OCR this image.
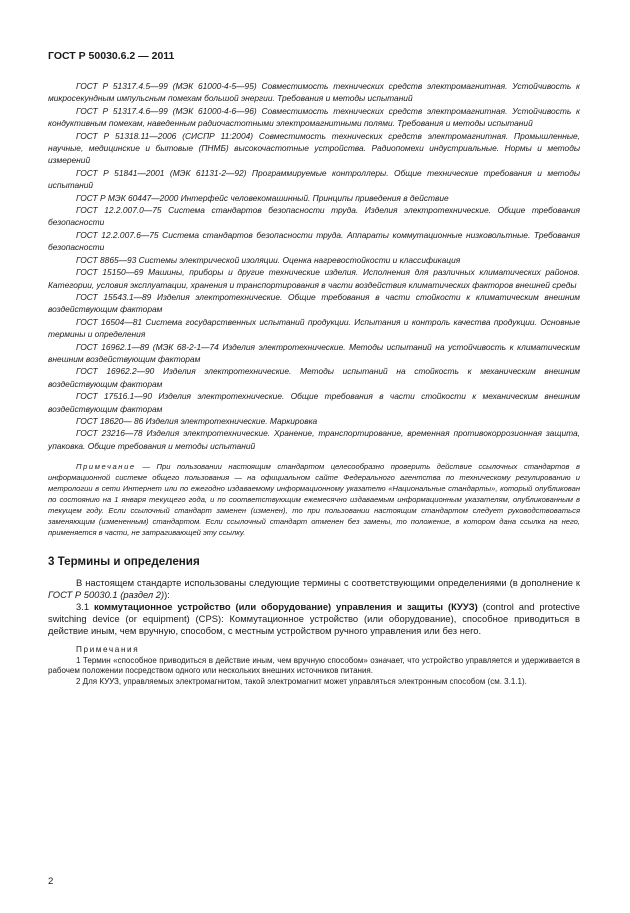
ГОСТ Р 50030.6.2 — 2011

ГОСТ Р 51317.4.5—99 (МЭК 61000-4-5—95) Совместимость технических средств электромагнитная. Устойчивость к микросекундным импульсным помехам большой энергии. Требования и методы испытаний

ГОСТ Р 51317.4.6—99 (МЭК 61000-4-6—96) Совместимость технических средств электромагнитная. Устойчивость к кондуктивным помехам, наведенным радиочастотными электромагнитными полями. Требования и методы испытаний

ГОСТ Р 51318.11—2006 (СИСПР 11:2004) Совместимость технических средств электромагнитная. Промышленные, научные, медицинские и бытовые (ПНМБ) высокочастотные устройства. Радиопомехи индустриальные. Нормы и методы измерений

ГОСТ Р 51841—2001 (МЭК 61131-2—92) Программируемые контроллеры. Общие технические требования и методы испытаний

ГОСТ Р МЭК 60447—2000 Интерфейс человекомашинный. Принципы приведения в действие

ГОСТ 12.2.007.0—75 Система стандартов безопасности труда. Изделия электротехнические. Общие требования безопасности

ГОСТ 12.2.007.6—75 Система стандартов безопасности труда. Аппараты коммутационные низковольтные. Требования безопасности

ГОСТ 8865—93 Системы электрической изоляции. Оценка нагревостойкости и классификация

ГОСТ 15150—69 Машины, приборы и другие технические изделия. Исполнения для различных климатических районов. Категории, условия эксплуатации, хранения и транспортирования в части воздействия климатических факторов внешней среды

ГОСТ 15543.1—89 Изделия электротехнические. Общие требования в части стойкости к климатическим внешним воздействующим факторам

ГОСТ 16504—81 Система государственных испытаний продукции. Испытания и контроль качества продукции. Основные термины и определения

ГОСТ 16962.1—89 (МЭК 68-2-1—74 Изделия электротехнические. Методы испытаний на устойчивость к климатическим внешним воздействующим факторам

ГОСТ 16962.2—90 Изделия электротехнические. Методы испытаний на стойкость к механическим внешним воздействующим факторам

ГОСТ 17516.1—90 Изделия электротехнические. Общие требования в части стойкости к механическим внешним воздействующим факторам

ГОСТ 18620— 86 Изделия электротехнические. Маркировка

ГОСТ 23216—78 Изделия электротехнические. Хранение, транспортирование, временная противокоррозионная защита, упаковка. Общие требования и методы испытаний

Примечание — При пользовании настоящим стандартом целесообразно проверить действие ссылочных стандартов в информационной системе общего пользования — на официальном сайте Федерального агентства по техническому регулированию и метрологии в сети Интернет или по ежегодно издаваемому информационному указателю «Национальные стандарты», который опубликован по состоянию на 1 января текущего года, и по соответствующим ежемесячно издаваемым информационным указателям, опубликованным в текущем году. Если ссылочный стандарт заменен (изменен), то при пользовании настоящим стандартом следует руководствоваться заменяющим (измененным) стандартом. Если ссылочный стандарт отменен без замены, то положение, в котором дана ссылка на него, применяется в части, не затрагивающей эту ссылку.

3 Термины и определения

В настоящем стандарте использованы следующие термины с соответствующими определениями (в дополнение к ГОСТ Р 50030.1 (раздел 2)):

3.1 коммутационное устройство (или оборудование) управления и защиты (КУУЗ) (control and protective switching device (or equipment) (CPS): Коммутационное устройство (или оборудование), способное приводиться в действие иным, чем вручную, способом, с местным устройством ручного управления или без него.

Примечания

1 Термин «способное приводиться в действие иным, чем вручную способом» означает, что устройство управляется и удерживается в рабочем положении посредством одного или нескольких внешних источников питания.

2 Для КУУЗ, управляемых электромагнитом, такой электромагнит может управляться электронным способом (см. 3.1.1).

2
